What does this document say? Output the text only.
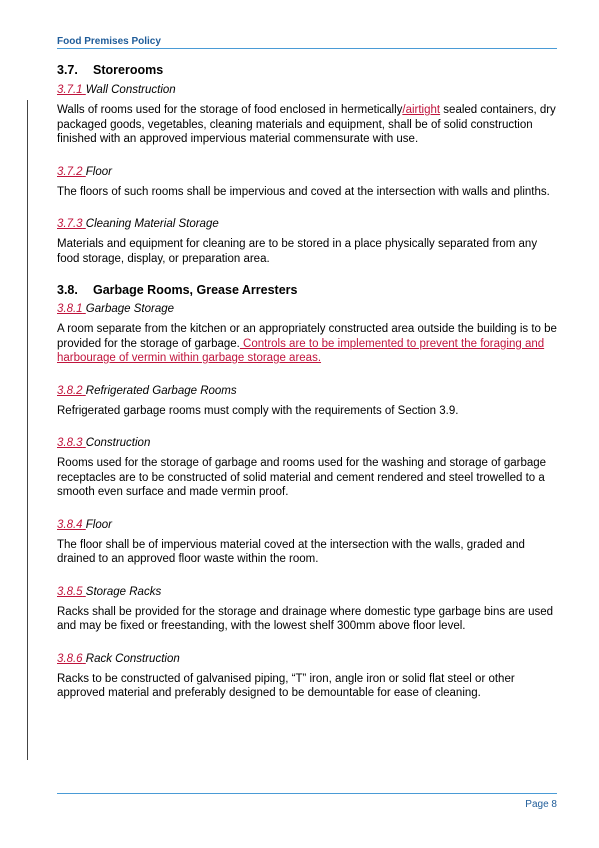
Food Premises Policy
3.7. Storerooms
3.7.1 Wall Construction
Walls of rooms used for the storage of food enclosed in hermetically/airtight sealed containers, dry packaged goods, vegetables, cleaning materials and equipment, shall be of solid construction finished with an approved impervious material commensurate with use.
3.7.2 Floor
The floors of such rooms shall be impervious and coved at the intersection with walls and plinths.
3.7.3 Cleaning Material Storage
Materials and equipment for cleaning are to be stored in a place physically separated from any food storage, display, or preparation area.
3.8. Garbage Rooms, Grease Arresters
3.8.1 Garbage Storage
A room separate from the kitchen or an appropriately constructed area outside the building is to be provided for the storage of garbage. Controls are to be implemented to prevent the foraging and harbourage of vermin within garbage storage areas.
3.8.2 Refrigerated Garbage Rooms
Refrigerated garbage rooms must comply with the requirements of Section 3.9.
3.8.3 Construction
Rooms used for the storage of garbage and rooms used for the washing and storage of garbage receptacles are to be constructed of solid material and cement rendered and steel trowelled to a smooth even surface and made vermin proof.
3.8.4 Floor
The floor shall be of impervious material coved at the intersection with the walls, graded and drained to an approved floor waste within the room.
3.8.5 Storage Racks
Racks shall be provided for the storage and drainage where domestic type garbage bins are used and may be fixed or freestanding, with the lowest shelf 300mm above floor level.
3.8.6 Rack Construction
Racks to be constructed of galvanised piping, “T” iron, angle iron or solid flat steel or other approved material and preferably designed to be demountable for ease of cleaning.
Page 8
